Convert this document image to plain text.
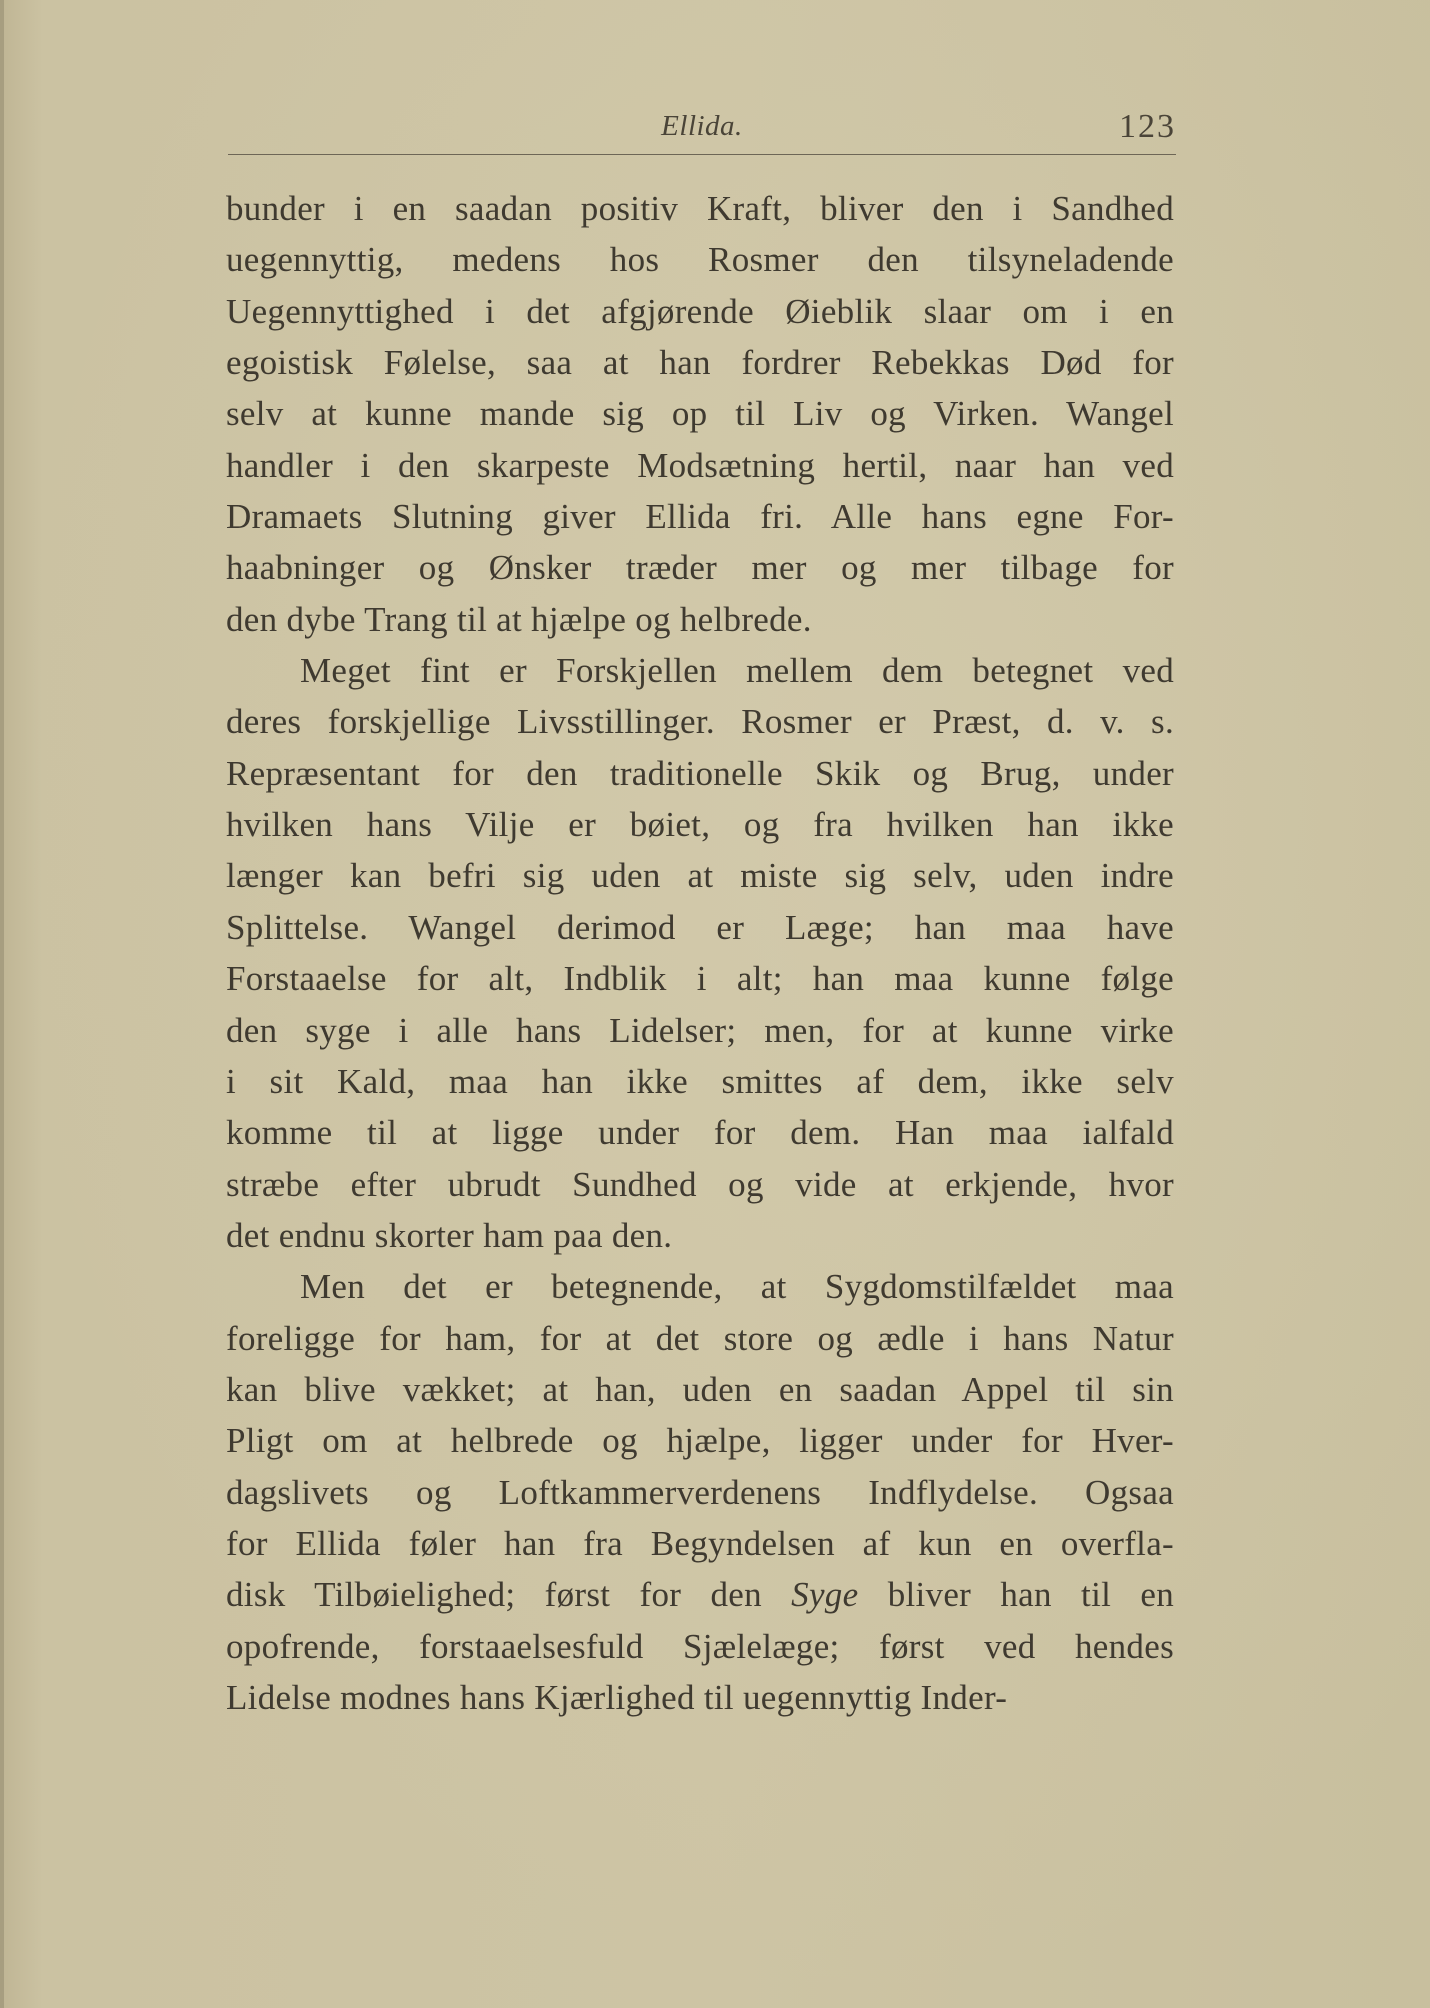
Ellida.	123
bunder i en saadan positiv Kraft, bliver den i Sandhed
uegennyttig, medens hos Rosmer den tilsyneladende
Uegennyttighed i det afgjørende Øieblik slaar om i en
egoistisk Følelse, saa at han fordrer Rebekkas Død for
selv at kunne mande sig op til Liv og Virken. Wangel
handler i den skarpeste Modsætning hertil, naar han ved
Dramaets Slutning giver Ellida fri. Alle hans egne For-
haabninger og Ønsker træder mer og mer tilbage for
den dybe Trang til at hjælpe og helbrede.
Meget fint er Forskjellen mellem dem betegnet ved
deres forskjellige Livsstillinger. Rosmer er Præst, d. v. s.
Repræsentant for den traditionelle Skik og Brug, under
hvilken hans Vilje er bøiet, og fra hvilken han ikke
længer kan befri sig uden at miste sig selv, uden indre
Splittelse. Wangel derimod er Læge; han maa have
Forstaaelse for alt, Indblik i alt; han maa kunne følge
den syge i alle hans Lidelser; men, for at kunne virke
i sit Kald, maa han ikke smittes af dem, ikke selv
komme til at ligge under for dem. Han maa ialfald
stræbe efter ubrudt Sundhed og vide at erkjende, hvor
det endnu skorter ham paa den.
Men det er betegnende, at Sygdomstilfældet maa
foreligge for ham, for at det store og ædle i hans Natur
kan blive vækket; at han, uden en saadan Appel til sin
Pligt om at helbrede og hjælpe, ligger under for Hver-
dagslivets og Loftkammerverdenens Indflydelse. Ogsaa
for Ellida føler han fra Begyndelsen af kun en overfla-
disk Tilbøielighed; først for den Syge bliver han til en
opofrende, forstaaelsesfuld Sjælelæge; først ved hendes
Lidelse modnes hans Kjærlighed til uegennyttig Inder-
